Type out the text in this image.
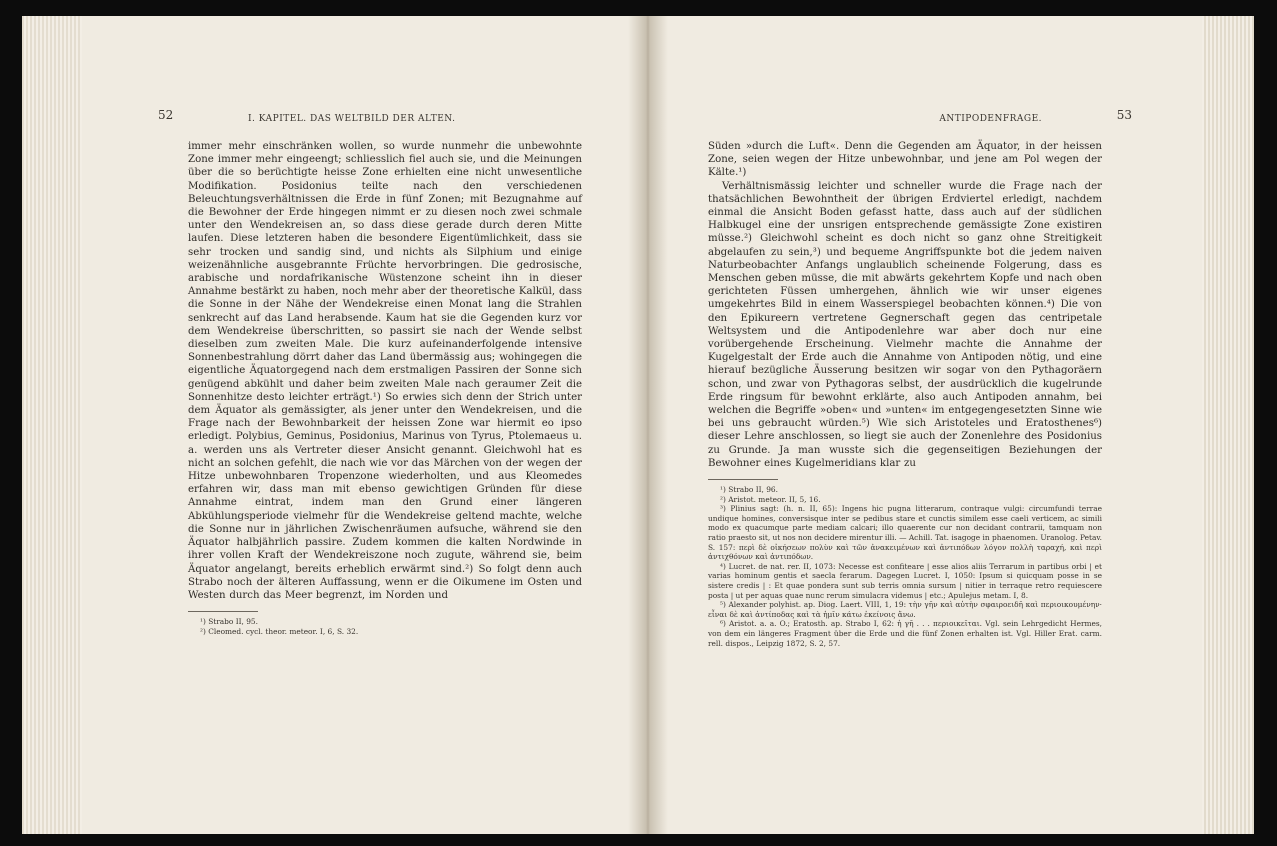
52	I. KAPITEL. DAS WELTBILD DER ALTEN.

immer mehr einschränken wollen, so wurde nunmehr die unbewohnte Zone immer mehr eingeengt; schliesslich fiel auch sie, und die Meinungen über die so berüchtigte heisse Zone erhielten eine nicht unwesentliche Modifikation. Posidonius teilte nach den verschiedenen Beleuchtungsverhältnissen die Erde in fünf Zonen; mit Bezugnahme auf die Bewohner der Erde hingegen nimmt er zu diesen noch zwei schmale unter den Wendekreisen an, so dass diese gerade durch deren Mitte laufen. Diese letzteren haben die besondere Eigentümlichkeit, dass sie sehr trocken und sandig sind, und nichts als Silphium und einige weizenähnliche ausgebrannte Früchte hervorbringen. Die gedrosische, arabische und nordafrikanische Wüstenzone scheint ihn in dieser Annahme bestärkt zu haben, noch mehr aber der theoretische Kalkül, dass die Sonne in der Nähe der Wendekreise einen Monat lang die Strahlen senkrecht auf das Land herabsende. Kaum hat sie die Gegenden kurz vor dem Wendekreise überschritten, so passirt sie nach der Wende selbst dieselben zum zweiten Male. Die kurz aufeinanderfolgende intensive Sonnenbestrahlung dörrt daher das Land übermässig aus; wohingegen die eigentliche Äquatorgegend nach dem erstmaligen Passiren der Sonne sich genügend abkühlt und daher beim zweiten Male nach geraumer Zeit die Sonnenhitze desto leichter erträgt.¹) So erwies sich denn der Strich unter dem Äquator als gemässigter, als jener unter den Wendekreisen, und die Frage nach der Bewohnbarkeit der heissen Zone war hiermit eo ipso erledigt. Polybius, Geminus, Posidonius, Marinus von Tyrus, Ptolemaeus u. a. werden uns als Vertreter dieser Ansicht genannt. Gleichwohl hat es nicht an solchen gefehlt, die nach wie vor das Märchen von der wegen der Hitze unbewohnbaren Tropenzone wiederholten, und aus Kleomedes erfahren wir, dass man mit ebenso gewichtigen Gründen für diese Annahme eintrat, indem man den Grund einer längeren Abkühlungsperiode vielmehr für die Wendekreise geltend machte, welche die Sonne nur in jährlichen Zwischenräumen aufsuche, während sie den Äquator halbjährlich passire. Zudem kommen die kalten Nordwinde in ihrer vollen Kraft der Wendekreiszone noch zugute, während sie, beim Äquator angelangt, bereits erheblich erwärmt sind.²) So folgt denn auch Strabo noch der älteren Auffassung, wenn er die Oikumene im Osten und Westen durch das Meer begrenzt, im Norden und

¹) Strabo II, 95.

²) Cleomed. cycl. theor. meteor. I, 6, S. 32.

ANTIPODENFRAGE.	53

Süden »durch die Luft«. Denn die Gegenden am Äquator, in der heissen Zone, seien wegen der Hitze unbewohnbar, und jene am Pol wegen der Kälte.¹)

Verhältnismässig leichter und schneller wurde die Frage nach der thatsächlichen Bewohntheit der übrigen Erdviertel erledigt, nachdem einmal die Ansicht Boden gefasst hatte, dass auch auf der südlichen Halbkugel eine der unsrigen entsprechende gemässigte Zone existiren müsse.²) Gleichwohl scheint es doch nicht so ganz ohne Streitigkeit abgelaufen zu sein,³) und bequeme Angriffspunkte bot die jedem naiven Naturbeobachter Anfangs unglaublich scheinende Folgerung, dass es Menschen geben müsse, die mit abwärts gekehrtem Kopfe und nach oben gerichteten Füssen umhergehen, ähnlich wie wir unser eigenes umgekehrtes Bild in einem Wasserspiegel beobachten können.⁴) Die von den Epikureern vertretene Gegnerschaft gegen das centripetale Weltsystem und die Antipodenlehre war aber doch nur eine vorübergehende Erscheinung. Vielmehr machte die Annahme der Kugelgestalt der Erde auch die Annahme von Antipoden nötig, und eine hierauf bezügliche Äusserung besitzen wir sogar von den Pythagoräern schon, und zwar von Pythagoras selbst, der ausdrücklich die kugelrunde Erde ringsum für bewohnt erklärte, also auch Antipoden annahm, bei welchen die Begriffe »oben« und »unten« im entgegengesetzten Sinne wie bei uns gebraucht würden.⁵) Wie sich Aristoteles und Eratosthenes⁶) dieser Lehre anschlossen, so liegt sie auch der Zonenlehre des Posidonius zu Grunde. Ja man wusste sich die gegenseitigen Beziehungen der Bewohner eines Kugelmeridians klar zu

¹) Strabo II, 96.

²) Aristot. meteor. II, 5, 16.

³) Plinius sagt: (h. n. II, 65): Ingens hic pugna litterarum, contraque vulgi: circumfundi terrae undique homines, conversisque inter se pedibus stare et cunctis similem esse caeli verticem, ac simili modo ex quacumque parte mediam calcari; illo quaerente cur non decidant contrarii, tamquam non ratio praesto sit, ut nos non decidere mirentur illi. — Achill. Tat. isagoge in phaenomen. Uranolog. Petav. S. 157: περὶ δὲ οἰκήσεων πολὺν καὶ τῶν ἀνακειμένων καὶ ἀντιπόδων λόγον πολλὴ ταραχή, καὶ περὶ ἀντιχθόνων καὶ ἀντιπόδων.

⁴) Lucret. de nat. rer. II, 1073: Necesse est confiteare | esse alios aliis Terrarum in partibus orbi | et varias hominum gentis et saecla ferarum. Dagegen Lucret. I, 1050: Ipsum si quicquam posse in se sistere credis | : Et quae pondera sunt sub terris omnia sursum | nitier in terraque retro requiescere posta | ut per aquas quae nunc rerum simulacra videmus | etc.; Apulejus metam. I, 8.

⁵) Alexander polyhist. ap. Diog. Laert. VIII, 1, 19: τὴν γῆν καὶ αὐτὴν σφαιροειδῆ καὶ περιοικουμένην· εἶναι δὲ καὶ ἀντίποδας καὶ τὰ ἡμῖν κάτω ἐκείνοις ἄνω.

⁶) Aristot. a. a. O.; Eratosth. ap. Strabo I, 62: ἡ γῆ . . . περιοικεῖται. Vgl. sein Lehrgedicht Hermes, von dem ein längeres Fragment über die Erde und die fünf Zonen erhalten ist. Vgl. Hiller Erat. carm. rell. dispos., Leipzig 1872, S. 2, 57.
